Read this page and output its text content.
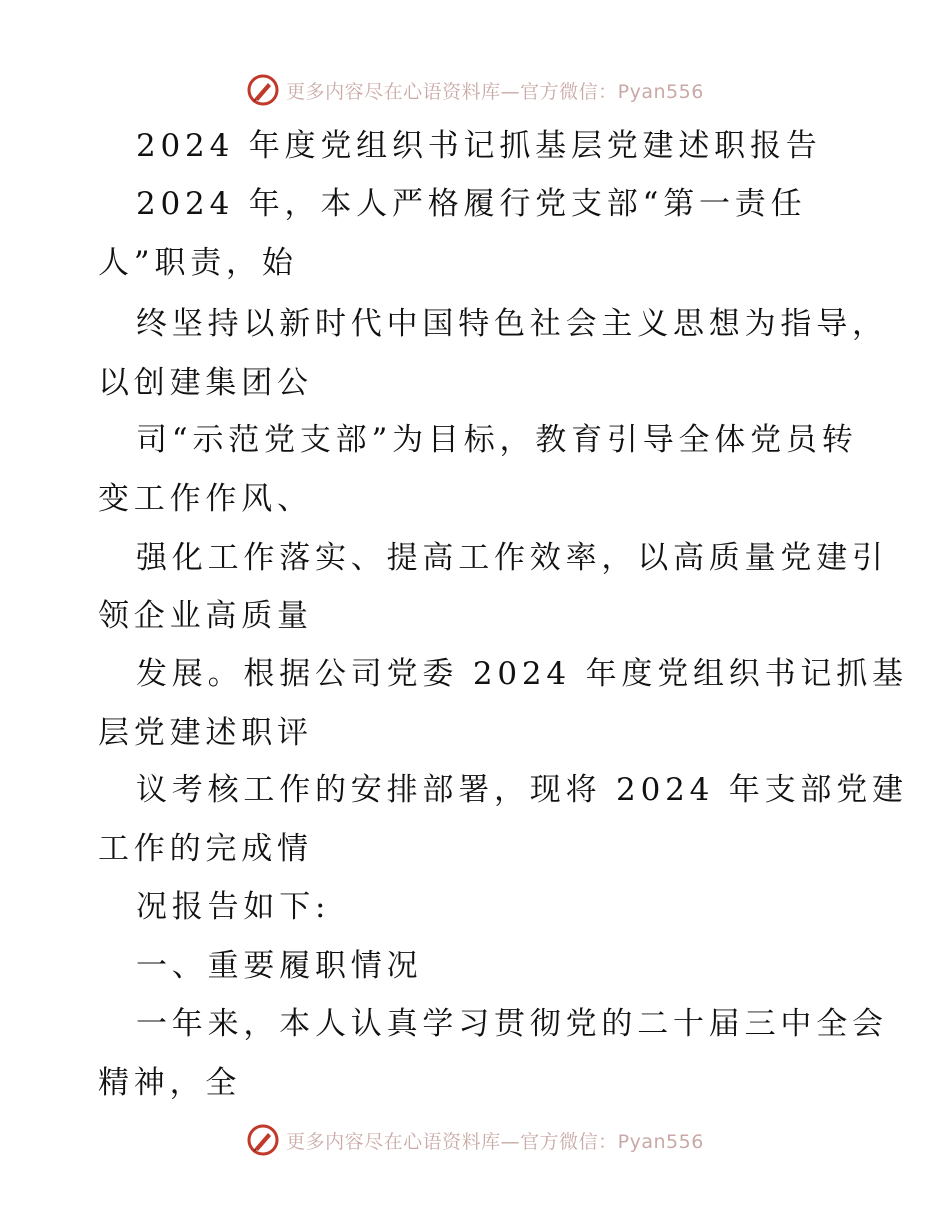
更多内容尽在心语资料库—官方微信：Pyan556
2024 年度党组织书记抓基层党建述职报告
2024 年，本人严格履行党支部“第一责任
人”职责，始
终坚持以新时代中国特色社会主义思想为指导，
以创建集团公
司“示范党支部”为目标，教育引导全体党员转
变工作作风、
强化工作落实、提高工作效率，以高质量党建引
领企业高质量
发展。根据公司党委 2024 年度党组织书记抓基
层党建述职评
议考核工作的安排部署，现将 2024 年支部党建
工作的完成情
况报告如下:
一、重要履职情况
一年来，本人认真学习贯彻党的二十届三中全会
精神，全
更多内容尽在心语资料库—官方微信：Pyan556
